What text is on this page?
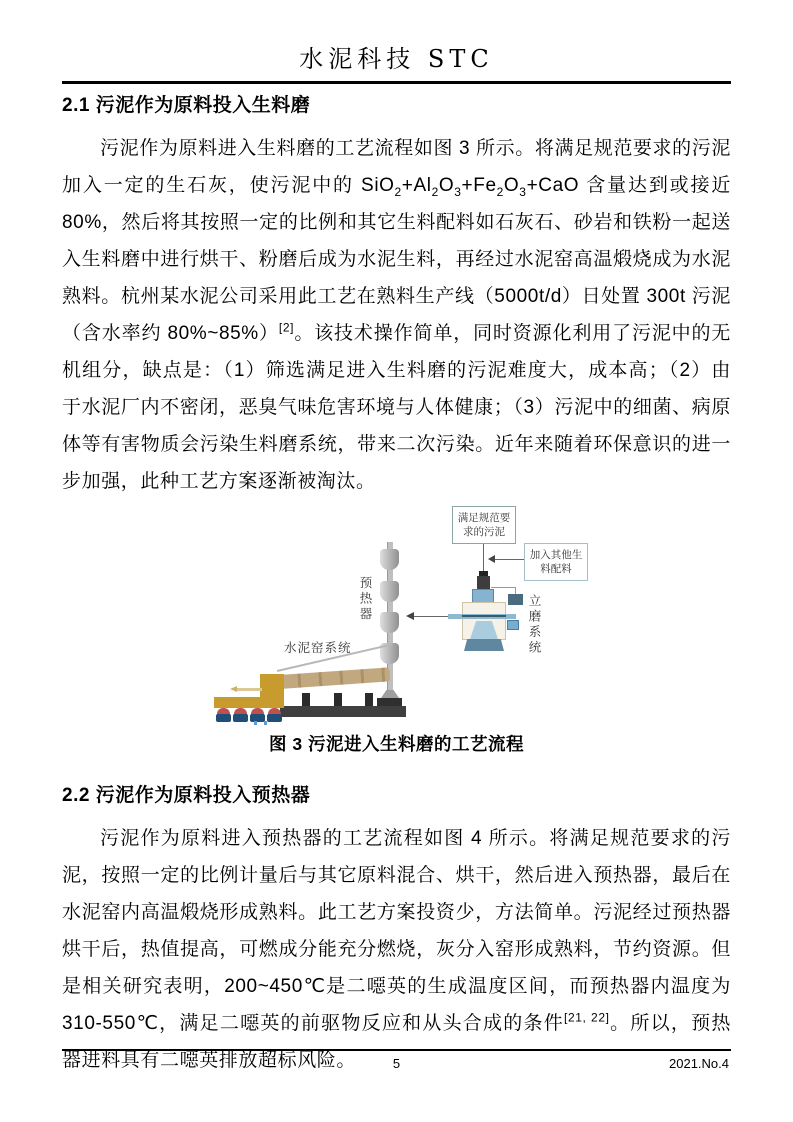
水泥科技 STC
2.1 污泥作为原料投入生料磨

污泥作为原料进入生料磨的工艺流程如图 3 所示。将满足规范要求的污泥加入一定的生石灰，使污泥中的 $SiO_2+Al_2O_3+Fe_2O_3+CaO$ 含量达到或接近 80%，然后将其按照一定的比例和其它生料配料如石灰石、砂岩和铁粉一起送入生料磨中进行烘干、粉磨后成为水泥生料，再经过水泥窑高温煅烧成为水泥熟料。杭州某水泥公司采用此工艺在熟料生产线（5000t/d）日处置 300t 污泥（含水率约 80%~85%）[2]。该技术操作简单，同时资源化利用了污泥中的无机组分，缺点是：（1）筛选满足进入生料磨的污泥难度大，成本高；（2）由于水泥厂内不密闭，恶臭气味危害环境与人体健康；（3）污泥中的细菌、病原体等有害物质会污染生料磨系统，带来二次污染。近年来随着环保意识的进一步加强，此种工艺方案逐渐被淘汰。

满足规范要
求的污泥
加入其他生
料配料
立磨系统
预热器
水泥窑系统
图 3 污泥进入生料磨的工艺流程
2.2 污泥作为原料投入预热器

污泥作为原料进入预热器的工艺流程如图 4 所示。将满足规范要求的污泥，按照一定的比例计量后与其它原料混合、烘干，然后进入预热器，最后在水泥窑内高温煅烧形成熟料。此工艺方案投资少，方法简单。污泥经过预热器烘干后，热值提高，可燃成分能充分燃烧，灰分入窑形成熟料，节约资源。但是相关研究表明，200~450℃是二噁英的生成温度区间，而预热器内温度为 310-550℃，满足二噁英的前驱物反应和从头合成的条件[21, 22]。所以，预热器进料具有二噁英排放超标风险。	5	2021.No.4
